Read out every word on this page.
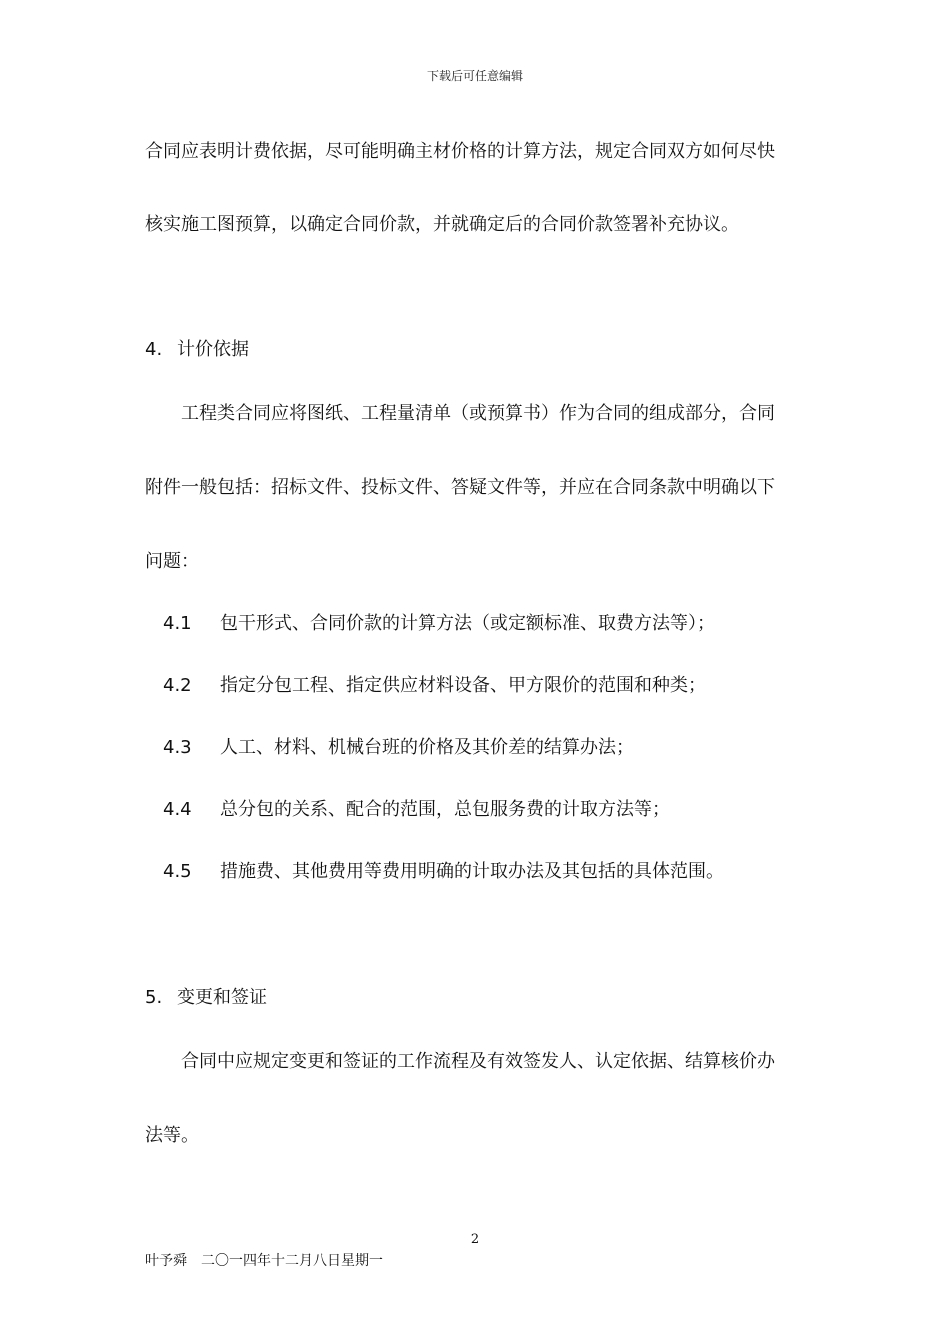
下载后可任意编辑
合同应表明计费依据，尽可能明确主材价格的计算方法，规定合同双方如何尽快
核实施工图预算，以确定合同价款，并就确定后的合同价款签署补充协议。
4. 计价依据
工程类合同应将图纸、工程量清单（或预算书）作为合同的组成部分，合同
附件一般包括：招标文件、投标文件、答疑文件等，并应在合同条款中明确以下
问题：
4.1 包干形式、合同价款的计算方法（或定额标准、取费方法等）；
4.2 指定分包工程、指定供应材料设备、甲方限价的范围和种类；
4.3 人工、材料、机械台班的价格及其价差的结算办法；
4.4 总分包的关系、配合的范围，总包服务费的计取方法等；
4.5 措施费、其他费用等费用明确的计取办法及其包括的具体范围。
5. 变更和签证
合同中应规定变更和签证的工作流程及有效签发人、认定依据、结算核价办
法等。
2
叶予舜 二〇一四年十二月八日星期一
